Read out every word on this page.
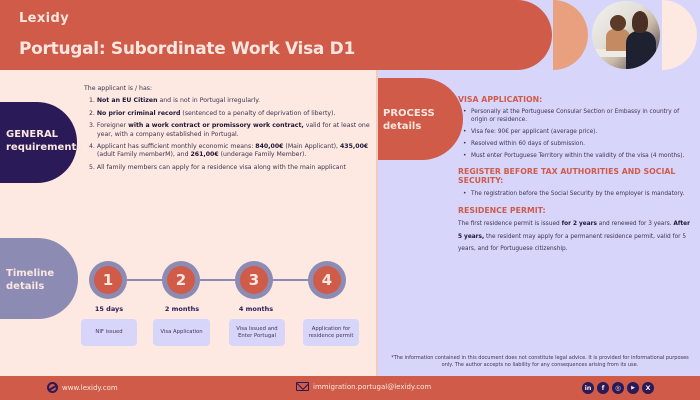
Lexidy
Portugal: Subordinate Work Visa D1
GENERAL
requirements
Timeline
details
The applicant is / has:
1. Not an EU Citizen and is not in Portugal irregularly.
2. No prior criminal record (sentenced to a penalty of deprivation of liberty).
3. Foreigner with a work contract or promissory work contract, valid for at least one year, with a company established in Portugal.
4. Applicant has sufficient monthly economic means: 840,00€ (Main Applicant), 435,00€ (adult Family memberM), and 261,00€ (underage Family Member).
5. All family members can apply for a residence visa along with the main applicant
1	2	3	4
15 days	2 months	4 months
NIF issued	Visa Application
Visa Issued and Enter Portugal
Application for residence permit
PROCESS
details
VISA APPLICATION:
• Personally at the Portuguese Consular Section or Embassy in country of origin or residence.
• Visa fee: 90€ per applicant (average price).
• Resolved within 60 days of submission.
• Must enter Portuguese Territory within the validity of the visa (4 months).
REGISTER BEFORE TAX AUTHORITIES AND SOCIAL SECURITY:
• The registration before the Social Security by the employer is mandatory.
RESIDENCE PERMIT:

The first residence permit is issued for 2 years and renewed for 3 years. After 5 years, the resident may apply for a permanent residence permit, valid for 5 years, and for Portuguese citizenship.

*The information contained in this document does not constitute legal advice. It is provided for informational purposes only. The author accepts no liability for any consequences arising from its use.
www.lexidy.com	immigration.portugal@lexidy.com	in	f	◎	▶	X
